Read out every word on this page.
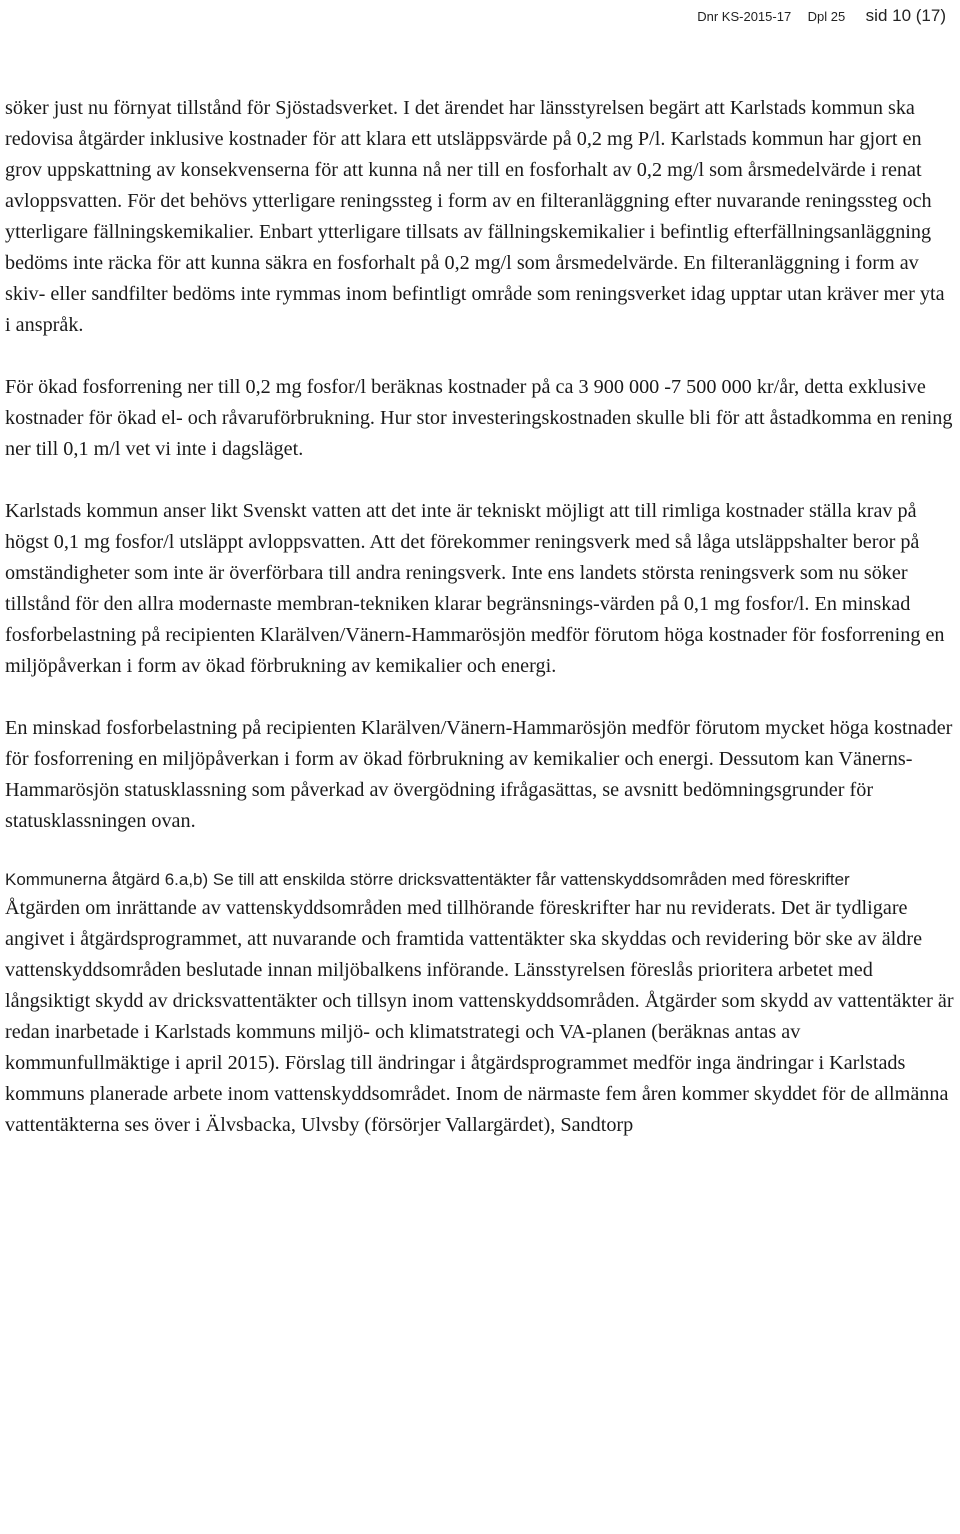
Dnr KS-2015-17 Dpl 25 sid 10 (17)

söker just nu förnyat tillstånd för Sjöstadsverket. I det ärendet har länsstyrelsen begärt att Karlstads kommun ska redovisa åtgärder inklusive kostnader för att klara ett utsläppsvärde på 0,2 mg P/l. Karlstads kommun har gjort en grov uppskattning av konsekvenserna för att kunna nå ner till en fosforhalt av 0,2 mg/l som årsmedelvärde i renat avloppsvatten. För det behövs ytterligare reningssteg i form av en filteranläggning efter nuvarande reningssteg och ytterligare fällningskemikalier. Enbart ytterligare tillsats av fällningskemikalier i befintlig efterfällningsanläggning bedöms inte räcka för att kunna säkra en fosforhalt på 0,2 mg/l som årsmedelvärde. En filteranläggning i form av skiv- eller sandfilter bedöms inte rymmas inom befintligt område som reningsverket idag upptar utan kräver mer yta i anspråk.

För ökad fosforrening ner till 0,2 mg fosfor/l beräknas kostnader på ca 3 900 000 -7 500 000 kr/år, detta exklusive kostnader för ökad el- och råvaruförbrukning. Hur stor investeringskostnaden skulle bli för att åstadkomma en rening ner till 0,1 m/l vet vi inte i dagsläget.

Karlstads kommun anser likt Svenskt vatten att det inte är tekniskt möjligt att till rimliga kostnader ställa krav på högst 0,1 mg fosfor/l utsläppt avloppsvatten. Att det förekommer reningsverk med så låga utsläppshalter beror på omständigheter som inte är överförbara till andra reningsverk. Inte ens landets största reningsverk som nu söker tillstånd för den allra modernaste membran-tekniken klarar begränsnings-värden på 0,1 mg fosfor/l. En minskad fosforbelastning på recipienten Klarälven/Vänern-Hammarösjön medför förutom höga kostnader för fosforrening en miljöpåverkan i form av ökad förbrukning av kemikalier och energi.

En minskad fosforbelastning på recipienten Klarälven/Vänern-Hammarösjön medför förutom mycket höga kostnader för fosforrening en miljöpåverkan i form av ökad förbrukning av kemikalier och energi. Dessutom kan Vänerns-Hammarösjön statusklassning som påverkad av övergödning ifrågasättas, se avsnitt bedömningsgrunder för statusklassningen ovan.

Kommunerna åtgärd 6.a,b) Se till att enskilda större dricksvattentäkter får vattenskyddsområden med föreskrifter

Åtgärden om inrättande av vattenskyddsområden med tillhörande föreskrifter har nu reviderats. Det är tydligare angivet i åtgärdsprogrammet, att nuvarande och framtida vattentäkter ska skyddas och revidering bör ske av äldre vattenskyddsområden beslutade innan miljöbalkens införande. Länsstyrelsen föreslås prioritera arbetet med långsiktigt skydd av dricksvattentäkter och tillsyn inom vattenskyddsområden. Åtgärder som skydd av vattentäkter är redan inarbetade i Karlstads kommuns miljö- och klimatstrategi och VA-planen (beräknas antas av kommunfullmäktige i april 2015). Förslag till ändringar i åtgärdsprogrammet medför inga ändringar i Karlstads kommuns planerade arbete inom vattenskyddsområdet. Inom de närmaste fem åren kommer skyddet för de allmänna vattentäkterna ses över i Älvsbacka, Ulvsby (försörjer Vallargärdet), Sandtorp
